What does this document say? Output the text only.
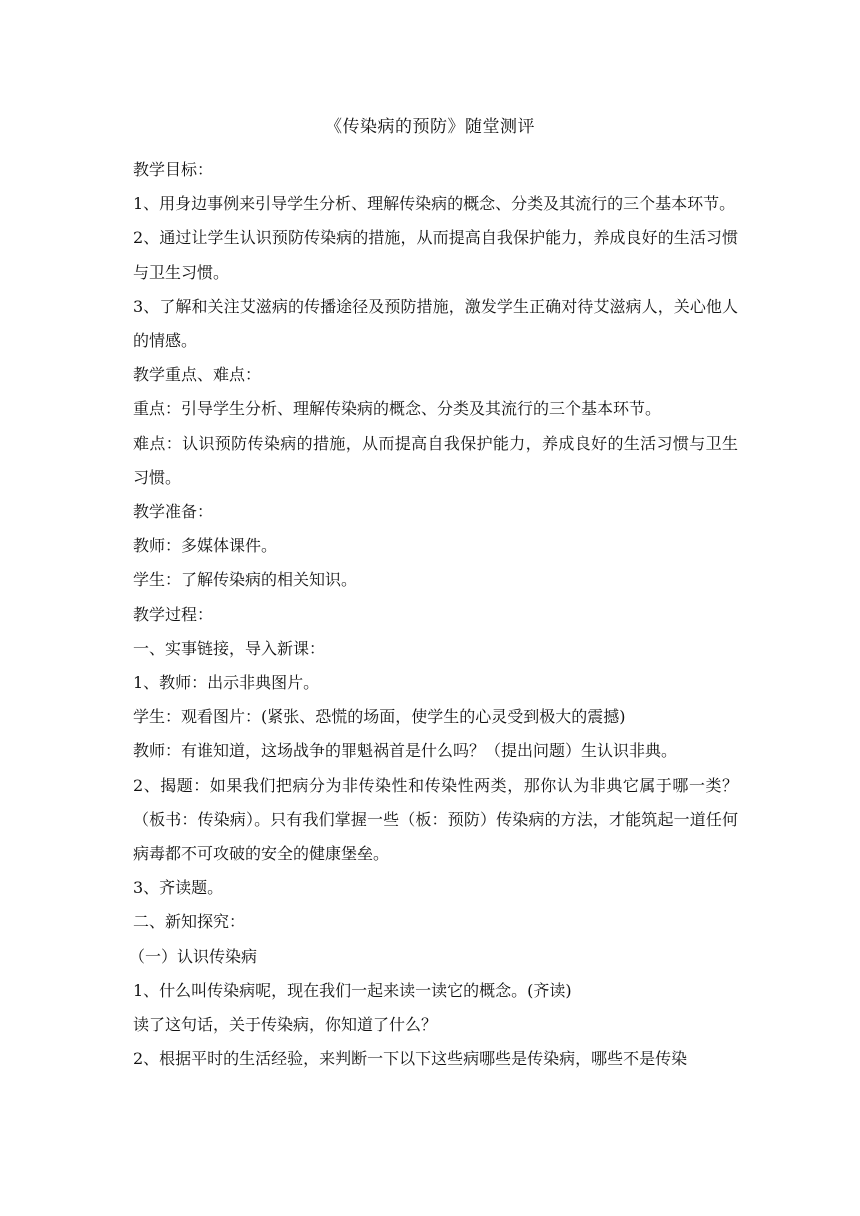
《传染病的预防》随堂测评

教学目标：

1、用身边事例来引导学生分析、理解传染病的概念、分类及其流行的三个基本环节。

2、通过让学生认识预防传染病的措施，从而提高自我保护能力，养成良好的生活习惯与卫生习惯。

3、了解和关注艾滋病的传播途径及预防措施，激发学生正确对待艾滋病人，关心他人的情感。

教学重点、难点：

重点：引导学生分析、理解传染病的概念、分类及其流行的三个基本环节。

难点：认识预防传染病的措施，从而提高自我保护能力，养成良好的生活习惯与卫生习惯。

教学准备：

教师：多媒体课件。

学生：了解传染病的相关知识。

教学过程：

一、实事链接，导入新课：

1、教师：出示非典图片。

学生：观看图片：(紧张、恐慌的场面，使学生的心灵受到极大的震撼)

教师：有谁知道，这场战争的罪魁祸首是什么吗？（提出问题）生认识非典。

2、揭题：如果我们把病分为非传染性和传染性两类，那你认为非典它属于哪一类？（板书：传染病）。只有我们掌握一些（板：预防）传染病的方法，才能筑起一道任何病毒都不可攻破的安全的健康堡垒。

3、齐读题。

二、新知探究：

（一）认识传染病

1、什么叫传染病呢，现在我们一起来读一读它的概念。(齐读)

读了这句话，关于传染病，你知道了什么？

2、根据平时的生活经验，来判断一下以下这些病哪些是传染病，哪些不是传染
